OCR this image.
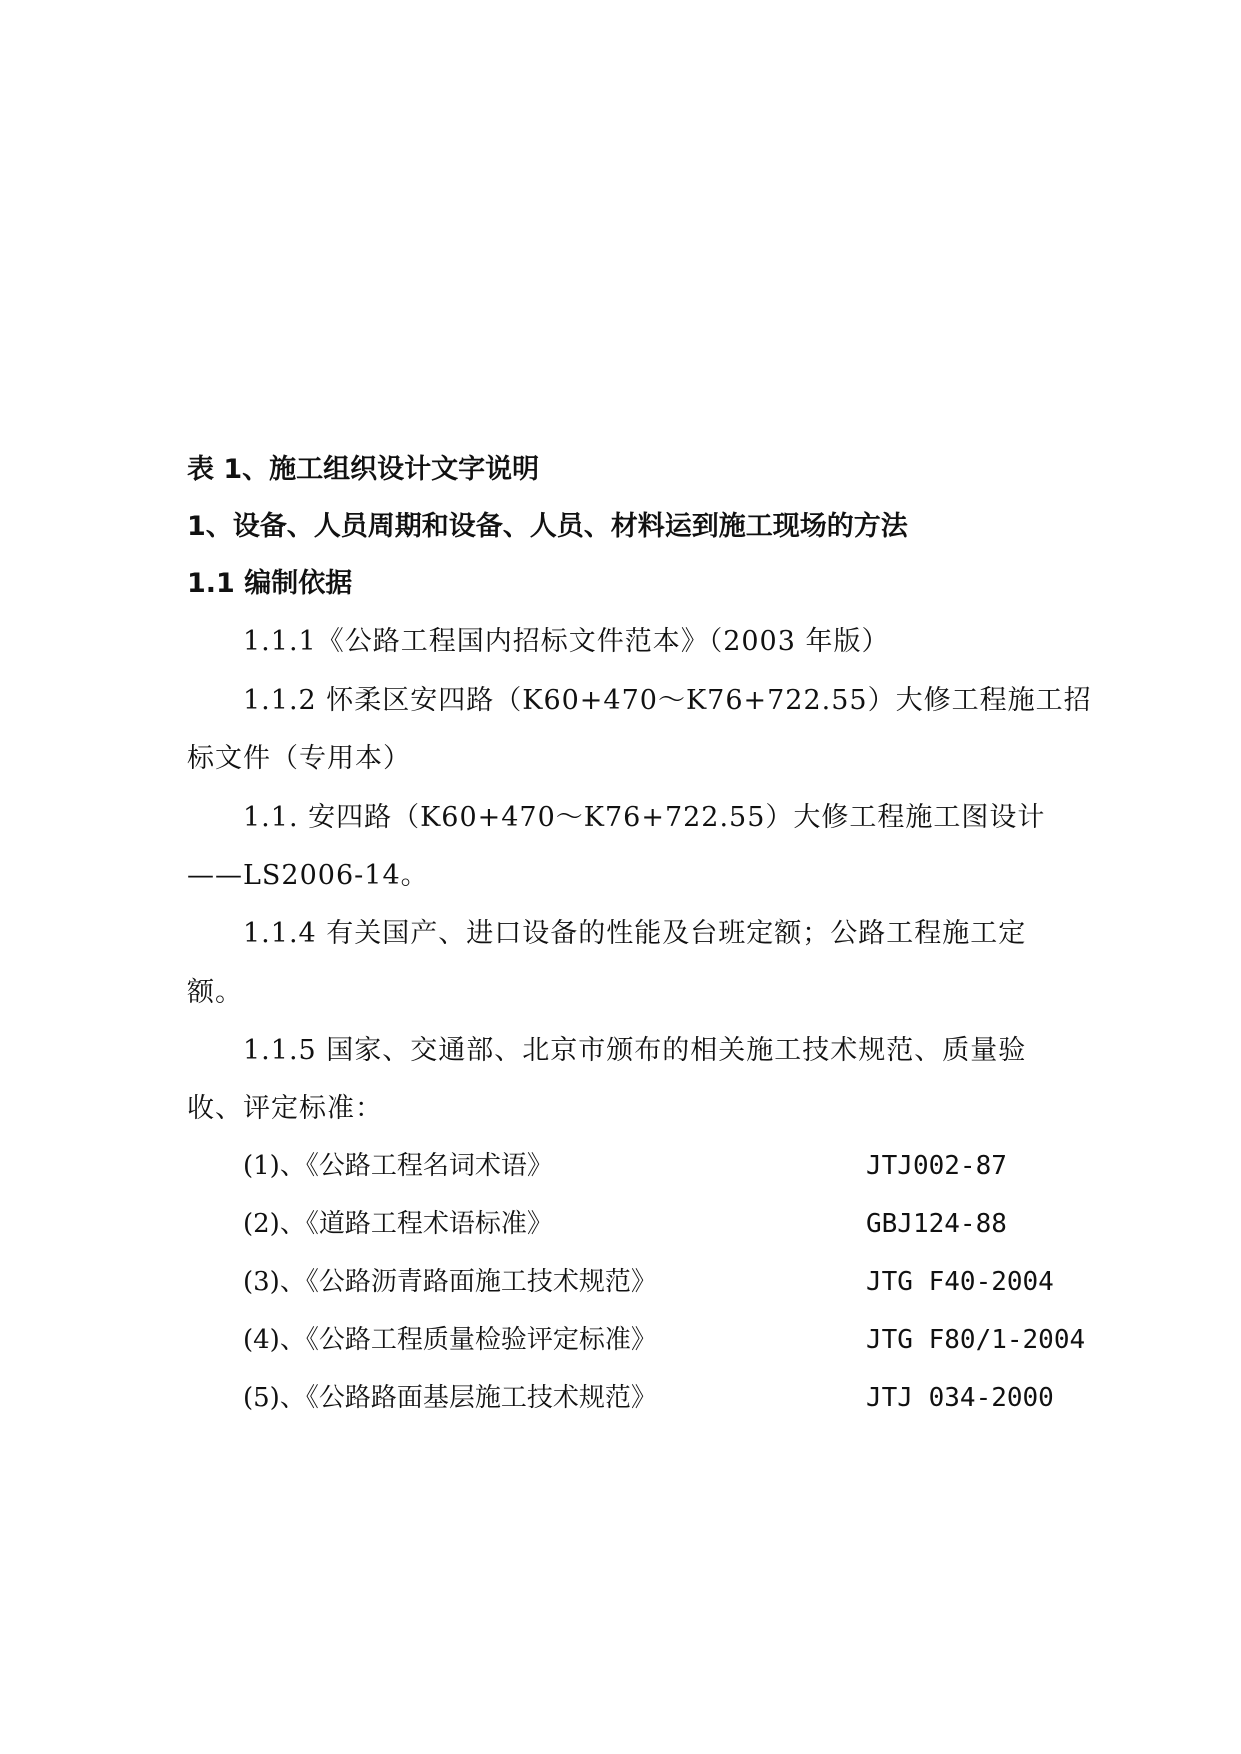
表 1、施工组织设计文字说明
1、设备、人员周期和设备、人员、材料运到施工现场的方法
1.1 编制依据
1.1.1《公路工程国内招标文件范本》（2003 年版）
1.1.2 怀柔区安四路（K60+470～K76+722.55）大修工程施工招
标文件（专用本）
1.1. 安四路（K60+470～K76+722.55）大修工程施工图设计
——LS2006-14。
1.1.4 有关国产、进口设备的性能及台班定额；公路工程施工定
额。
1.1.5 国家、交通部、北京市颁布的相关施工技术规范、质量验
收、评定标准：
(1)、《公路工程名词术语》	JTJ002-87
(2)、《道路工程术语标准》	GBJ124-88
(3)、《公路沥青路面施工技术规范》	JTG F40-2004
(4)、《公路工程质量检验评定标准》	JTG F80/1-2004
(5)、《公路路面基层施工技术规范》	JTJ 034-2000
